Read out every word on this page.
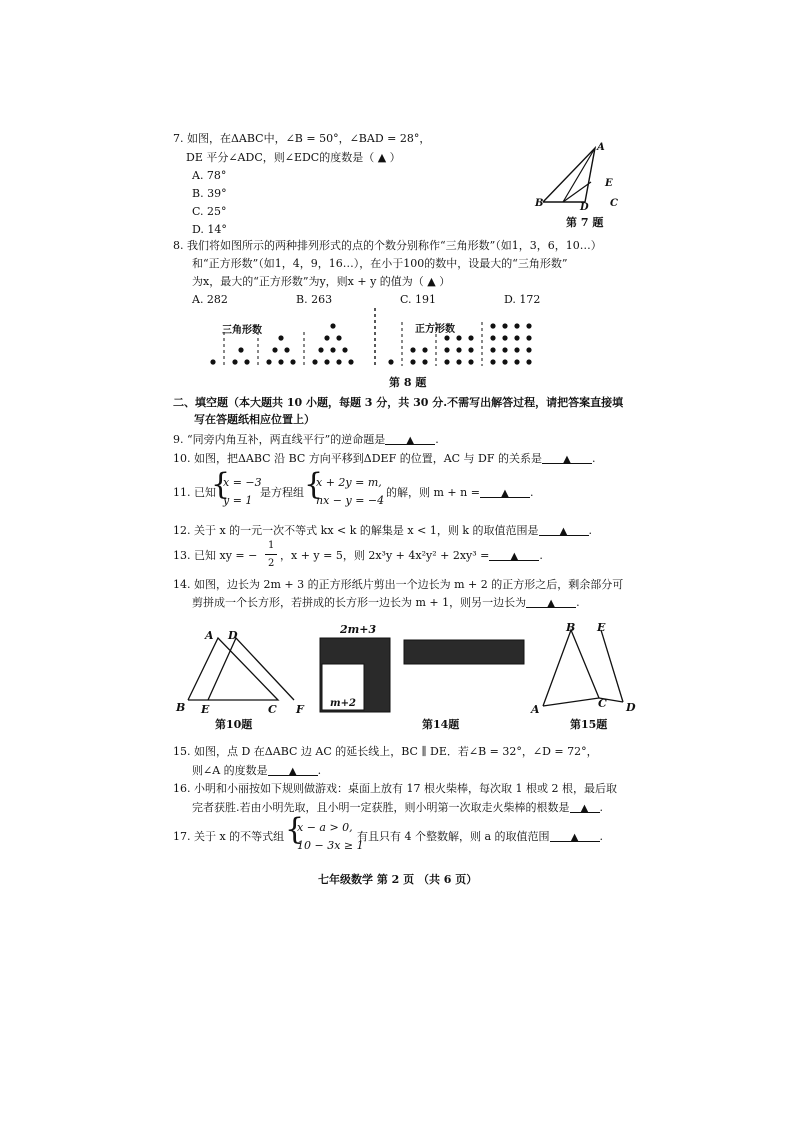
7. 如图，在ΔABC中，∠B = 50°，∠BAD = 28°，
DE 平分∠ADC，则∠EDC的度数是（ ▲ ）
A. 78°
B. 39°
C. 25°
D. 14°
A
B	D C
E
第 7 题
8. 我们将如图所示的两种排列形式的点的个数分别称作“三角形数”（如1，3，6，10…）
和“正方形数”（如1，4，9，16…），在小于100的数中，设最大的“三角形数”
为x，最大的“正方形数”为y，则x + y 的值为（ ▲ ）
A. 282	B. 263	C. 191	D. 172
三角形数	正方形数
第 8 题
二、填空题（本大题共 10 小题，每题 3 分，共 30 分.不需写出解答过程，请把答案直接填
写在答题纸相应位置上）
9. “同旁内角互补，两直线平行”的逆命题是 ▲ .
10. 如图，把ΔABC 沿 BC 方向平移到ΔDEF 的位置，AC 与 DF 的关系是 ▲ .
11. 已知
{
x = −3
y = 1
是方程组 {
x + 2y = m,
nx − y = −4
的解，则 m + n = ▲ .
12. 关于 x 的一元一次不等式 kx < k 的解集是 x < 1，则 k 的取值范围是 ▲ .
13. 已知 xy = −
1
2
，x + y = 5，则 2x³y + 4x²y² + 2xy³ = ▲ .
14. 如图，边长为 2m + 3 的正方形纸片剪出一个边长为 m + 2 的正方形之后，剩余部分可
剪拼成一个长方形，若拼成的长方形一边长为 m + 1，则另一边长为 ▲ .
A D
B E	C F
第10题
2m+3
m+2
第14题
B E
A	C D
第15题
15. 如图，点 D 在ΔABC 边 AC 的延长线上，BC ∥ DE．若∠B = 32°，∠D = 72°，
则∠A 的度数是 ▲ .
16. 小明和小丽按如下规则做游戏：桌面上放有 17 根火柴棒，每次取 1 根或 2 根，最后取
完者获胜.若由小明先取，且小明一定获胜，则小明第一次取走火柴棒的根数是 ▲ .
17. 关于 x 的不等式组 {
x − a > 0,
10 − 3x ≥ 1
有且只有 4 个整数解，则 a 的取值范围 ▲ .
七年级数学 第 2 页 （共 6 页）
